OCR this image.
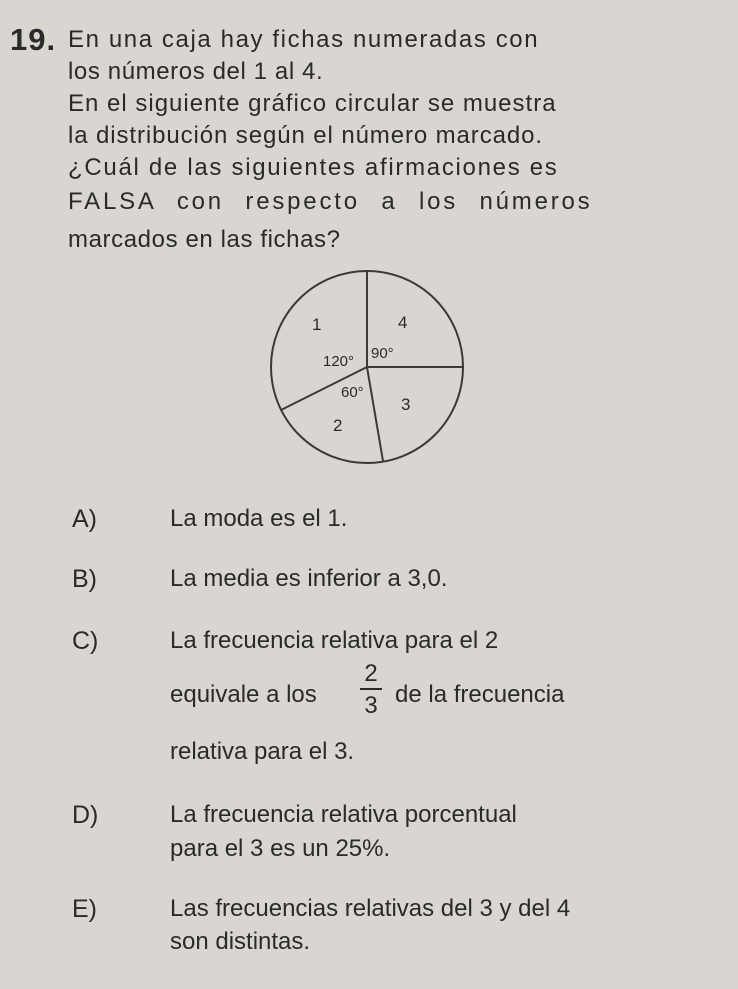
19. En una caja hay fichas numeradas con
los números del 1 al 4.
En el siguiente gráfico circular se muestra
la distribución según el número marcado.
¿Cuál de las siguientes afirmaciones es
FALSA con respecto a los números
marcados en las fichas?
1
120°
4
90°
3
60°
2
A)	La moda es el 1.
B)	La media es inferior a 3,0.
C)	La frecuencia relativa para el 2
equivale a los
2
3 de la frecuencia
relativa para el 3.
D)	La frecuencia relativa porcentual
para el 3 es un 25%.
E)	Las frecuencias relativas del 3 y del 4
son distintas.
